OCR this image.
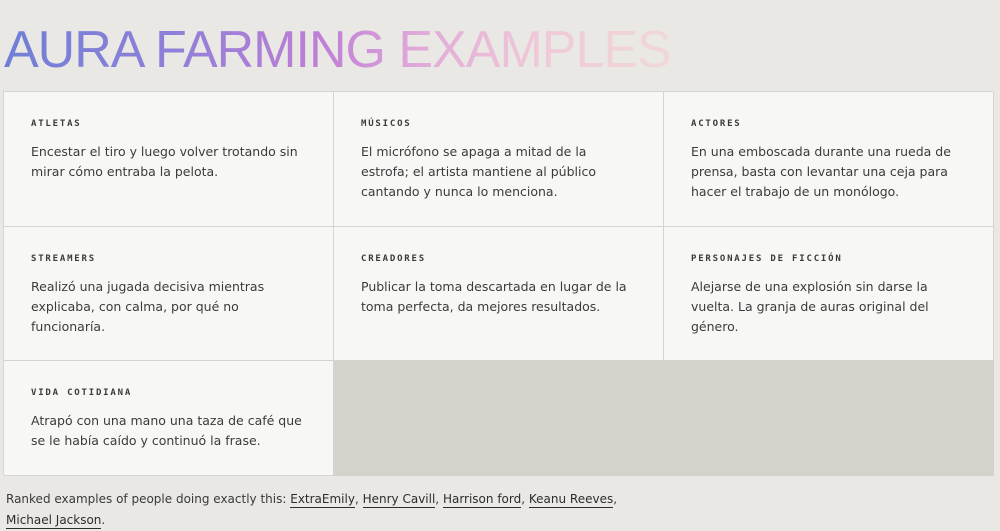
AURA FARMING EXAMPLES
ATLETAS

Encestar el tiro y luego volver trotando sin mirar cómo entraba la pelota.

MÚSICOS

El micrófono se apaga a mitad de la estrofa; el artista mantiene al público cantando y nunca lo menciona.

ACTORES

En una emboscada durante una rueda de prensa, basta con levantar una ceja para hacer el trabajo de un monólogo.

STREAMERS

Realizó una jugada decisiva mientras explicaba, con calma, por qué no funcionaría.

CREADORES

Publicar la toma descartada en lugar de la toma perfecta, da mejores resultados.

PERSONAJES DE FICCIÓN

Alejarse de una explosión sin darse la vuelta. La granja de auras original del género.

VIDA COTIDIANA

Atrapó con una mano una taza de café que se le había caído y continuó la frase.

Ranked examples of people doing exactly this: ExtraEmily, Henry Cavill, Harrison ford, Keanu Reeves, Michael Jackson.
